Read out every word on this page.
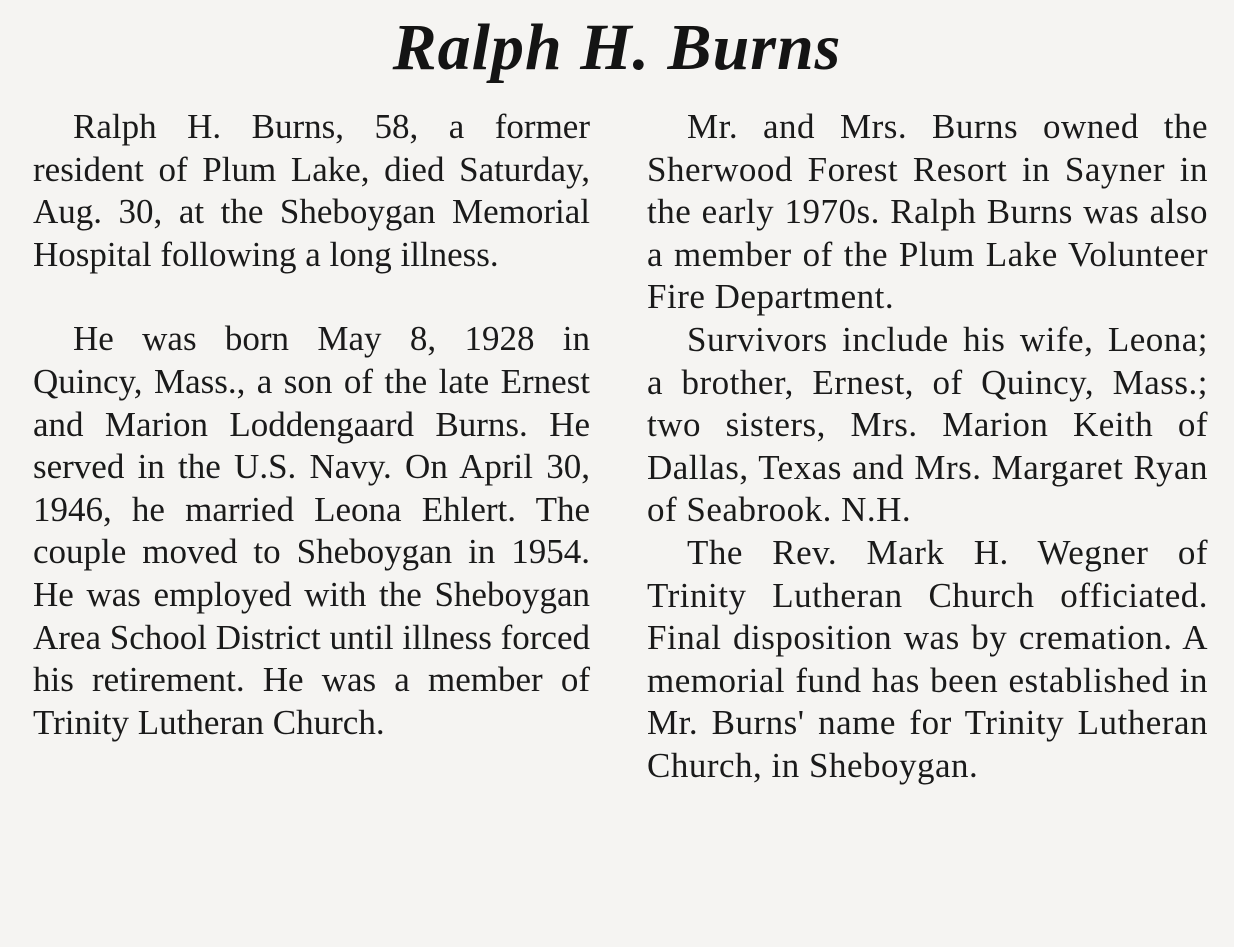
Ralph H. Burns

Ralph H. Burns, 58, a former resident of Plum Lake, died Saturday, Aug. 30, at the Sheboygan Memorial Hospital following a long illness.

He was born May 8, 1928 in Quincy, Mass., a son of the late Ernest and Marion Loddengaard Burns. He served in the U.S. Navy. On April 30, 1946, he married Leona Ehlert. The couple moved to Sheboygan in 1954. He was employed with the Sheboygan Area School District until illness forced his retirement. He was a member of Trinity Lutheran Church.

Mr. and Mrs. Burns owned the Sherwood Forest Resort in Sayner in the early 1970s. Ralph Burns was also a member of the Plum Lake Volunteer Fire Department.

Survivors include his wife, Leona; a brother, Ernest, of Quincy, Mass.; two sisters, Mrs. Marion Keith of Dallas, Texas and Mrs. Margaret Ryan of Seabrook. N.H.

The Rev. Mark H. Wegner of Trinity Lutheran Church officiated. Final disposition was by cremation. A memorial fund has been established in Mr. Burns' name for Trinity Lutheran Church, in Sheboygan.
